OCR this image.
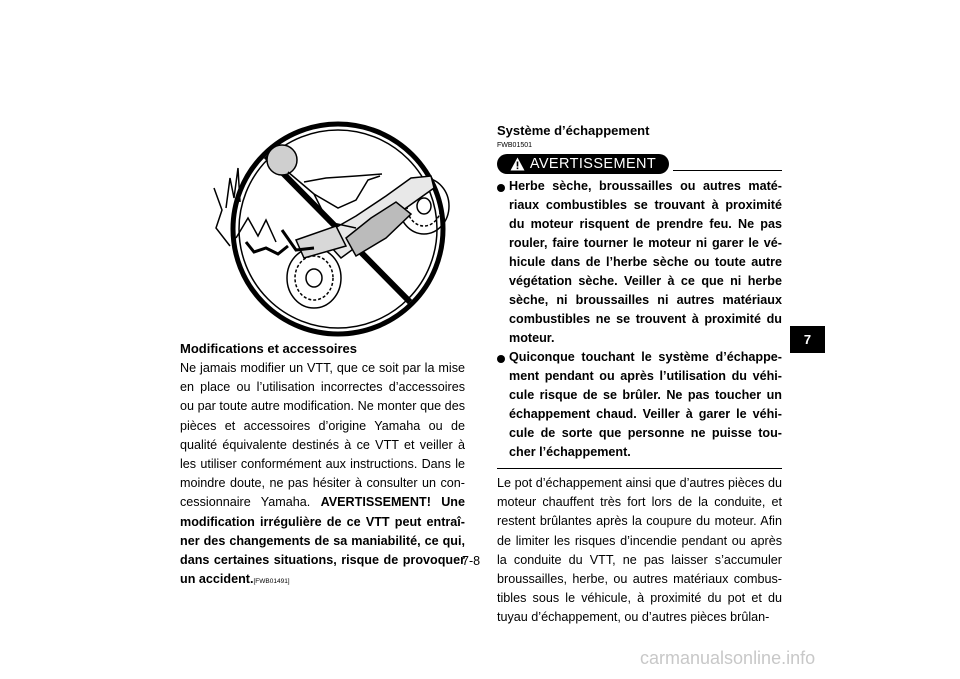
Modifications et accessoires

Ne jamais modifier un VTT, que ce soit par la mise en place ou l’utilisation incorrectes d’accessoires ou par toute autre modification. Ne monter que des pièces et accessoires d’origine Yamaha ou de qualité équivalente destinés à ce VTT et veiller à les utiliser conformément aux instructions. Dans le moindre doute, ne pas hésiter à consulter un con-cessionnaire Yamaha. AVERTISSEMENT! Une modification irrégulière de ce VTT peut entraî-ner des changements de sa maniabilité, ce qui, dans certaines situations, risque de provoquer un accident.[FWB01491]

Système d’échappement
FWB01501
AVERTISSEMENT
Herbe sèche, broussailles ou autres maté-riaux combustibles se trouvant à proximité du moteur risquent de prendre feu. Ne pas rouler, faire tourner le moteur ni garer le vé-hicule dans de l’herbe sèche ou toute autre végétation sèche. Veiller à ce que ni herbe sèche, ni broussailles ni autres matériaux combustibles ne se trouvent à proximité du moteur.
Quiconque touchant le système d’échappe-ment pendant ou après l’utilisation du véhi-cule risque de se brûler. Ne pas toucher un échappement chaud. Veiller à garer le véhi-cule de sorte que personne ne puisse tou-cher l’échappement.

Le pot d’échappement ainsi que d’autres pièces du moteur chauffent très fort lors de la conduite, et restent brûlantes après la coupure du moteur. Afin de limiter les risques d’incendie pendant ou après la conduite du VTT, ne pas laisser s’accumuler broussailles, herbe, ou autres matériaux combus-tibles sous le véhicule, à proximité du pot et du tuyau d’échappement, ou d’autres pièces brûlan-

7-8
7
carmanualsonline.info
